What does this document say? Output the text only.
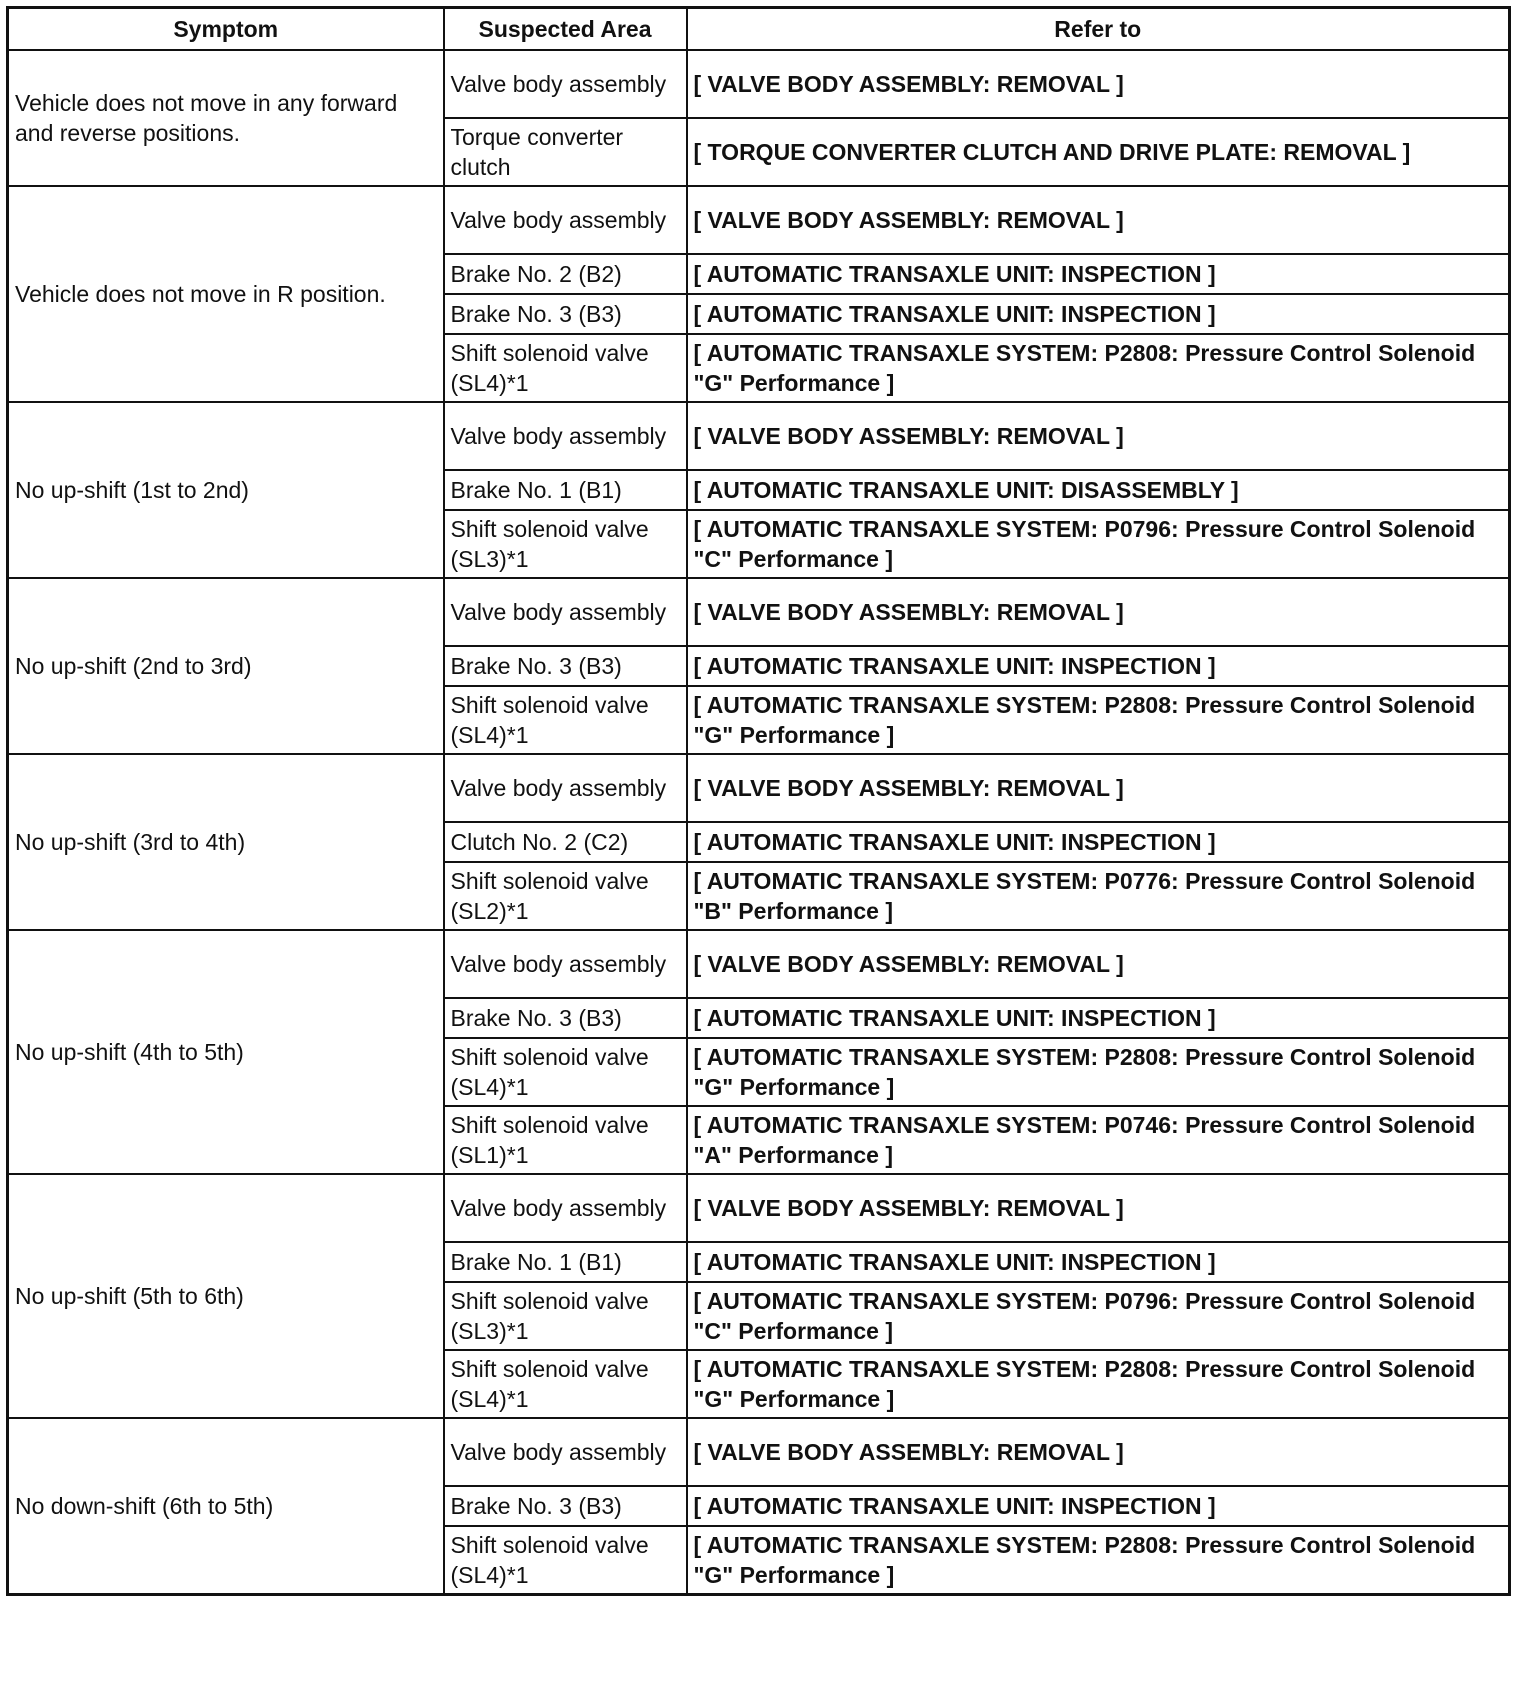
Symptom	Suspected Area	Refer to
Vehicle does not move in any forward and reverse positions.	Valve body assembly	[ VALVE BODY ASSEMBLY: REMOVAL ]
	Torque converter clutch	[ TORQUE CONVERTER CLUTCH AND DRIVE PLATE: REMOVAL ]
Vehicle does not move in R position.	Valve body assembly	[ VALVE BODY ASSEMBLY: REMOVAL ]
	Brake No. 2 (B2)	[ AUTOMATIC TRANSAXLE UNIT: INSPECTION ]
	Brake No. 3 (B3)	[ AUTOMATIC TRANSAXLE UNIT: INSPECTION ]
	Shift solenoid valve (SL4)*1	[ AUTOMATIC TRANSAXLE SYSTEM: P2808: Pressure Control Solenoid "G" Performance ]
No up-shift (1st to 2nd)	Valve body assembly	[ VALVE BODY ASSEMBLY: REMOVAL ]
	Brake No. 1 (B1)	[ AUTOMATIC TRANSAXLE UNIT: DISASSEMBLY ]
	Shift solenoid valve (SL3)*1	[ AUTOMATIC TRANSAXLE SYSTEM: P0796: Pressure Control Solenoid "C" Performance ]
No up-shift (2nd to 3rd)	Valve body assembly	[ VALVE BODY ASSEMBLY: REMOVAL ]
	Brake No. 3 (B3)	[ AUTOMATIC TRANSAXLE UNIT: INSPECTION ]
	Shift solenoid valve (SL4)*1	[ AUTOMATIC TRANSAXLE SYSTEM: P2808: Pressure Control Solenoid "G" Performance ]
No up-shift (3rd to 4th)	Valve body assembly	[ VALVE BODY ASSEMBLY: REMOVAL ]
	Clutch No. 2 (C2)	[ AUTOMATIC TRANSAXLE UNIT: INSPECTION ]
	Shift solenoid valve (SL2)*1	[ AUTOMATIC TRANSAXLE SYSTEM: P0776: Pressure Control Solenoid "B" Performance ]
No up-shift (4th to 5th)	Valve body assembly	[ VALVE BODY ASSEMBLY: REMOVAL ]
	Brake No. 3 (B3)	[ AUTOMATIC TRANSAXLE UNIT: INSPECTION ]
	Shift solenoid valve (SL4)*1	[ AUTOMATIC TRANSAXLE SYSTEM: P2808: Pressure Control Solenoid "G" Performance ]
	Shift solenoid valve (SL1)*1	[ AUTOMATIC TRANSAXLE SYSTEM: P0746: Pressure Control Solenoid "A" Performance ]
No up-shift (5th to 6th)	Valve body assembly	[ VALVE BODY ASSEMBLY: REMOVAL ]
	Brake No. 1 (B1)	[ AUTOMATIC TRANSAXLE UNIT: INSPECTION ]
	Shift solenoid valve (SL3)*1	[ AUTOMATIC TRANSAXLE SYSTEM: P0796: Pressure Control Solenoid "C" Performance ]
	Shift solenoid valve (SL4)*1	[ AUTOMATIC TRANSAXLE SYSTEM: P2808: Pressure Control Solenoid "G" Performance ]
No down-shift (6th to 5th)	Valve body assembly	[ VALVE BODY ASSEMBLY: REMOVAL ]
	Brake No. 3 (B3)	[ AUTOMATIC TRANSAXLE UNIT: INSPECTION ]
	Shift solenoid valve (SL4)*1	[ AUTOMATIC TRANSAXLE SYSTEM: P2808: Pressure Control Solenoid "G" Performance ]
